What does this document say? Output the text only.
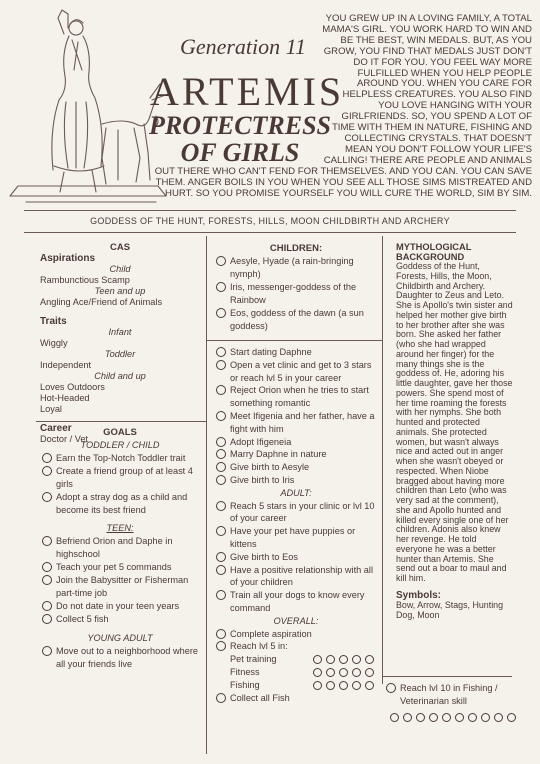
Generation 11
ARTEMIS
PROTECTRESS
OF GIRLS
YOU GREW UP IN A LOVING FAMILY, A TOTAL MAMA'S GIRL. YOU WORK HARD TO WIN AND BE THE BEST, WIN MEDALS. BUT, AS YOU GROW, YOU FIND THAT MEDALS JUST DON'T DO IT FOR YOU. YOU FEEL WAY MORE FULFILLED WHEN YOU HELP PEOPLE AROUND YOU. WHEN YOU CARE FOR HELPLESS CREATURES. YOU ALSO FIND YOU LOVE HANGING WITH YOUR GIRLFRIENDS. SO, YOU SPEND A LOT OF TIME WITH THEM IN NATURE, FISHING AND COLLECTING CRYSTALS. THAT DOESN'T MEAN YOU DON'T FOLLOW YOUR LIFE'S CALLING! THERE ARE PEOPLE AND ANIMALS OUT THERE WHO CAN'T FEND FOR THEMSELVES. AND YOU CAN. YOU CAN SAVE THEM. ANGER BOILS IN YOU WHEN YOU SEE ALL THOSE SIMS MISTREATED AND HURT. SO YOU PROMISE YOURSELF YOU WILL CURE THE WORLD, SIM BY SIM.
GODDESS OF THE HUNT, FORESTS, HILLS, MOON CHILDBIRTH AND ARCHERY
CAS
Aspirations
Child
Rambunctious Scamp
Teen and up
Angling Ace/Friend of Animals
Traits
Infant
Wiggly
Toddler
Independent
Child and up
Loves Outdoors
Hot-Headed
Loyal
Career
Doctor / Vet
GOALS
TODDLER / CHILD
Earn the Top-Notch Toddler trait
Create a friend group of at least 4 girls
Adopt a stray dog as a child and become its best friend
TEEN:
Befriend Orion and Daphe in highschool
Teach your pet 5 commands
Join the Babysitter or Fisherman part-time job
Do not date in your teen years
Collect 5 fish
YOUNG ADULT
Move out to a neighborhood where all your friends live
CHILDREN:
Aesyle, Hyade (a rain-bringing nymph)
Iris, messenger-goddess of the Rainbow
Eos, goddess of the dawn (a sun goddess)
Start dating Daphne
Open a vet clinic and get to 3 stars or reach lvl 5 in your career
Reject Orion when he tries to start something romantic
Meet Ifigenia and her father, have a fight with him
Adopt Ifigeneia
Marry Daphne in nature
Give birth to Aesyle
Give birth to Iris
ADULT:
Reach 5 stars in your clinic or lvl 10 of your career
Have your pet have puppies or kittens
Give birth to Eos
Have a positive relationship with all of your children
Train all your dogs to know every command
OVERALL:
Complete aspiration
Reach lvl 5 in:
Pet training
Fitness
Fishing
Collect all Fish
MYTHOLOGICAL BACKGROUND
Goddess of the Hunt, Forests, Hills, the Moon, Childbirth and Archery. Daughter to Zeus and Leto. She is Apollo's twin sister and helped her mother give birth to her brother after she was born. She asked her father (who she had wrapped around her finger) for the many things she is the goddess of. He, adoring his little daughter, gave her those powers. She spend most of her time roaming the forests with her nymphs. She both hunted and protected animals. She protected women, but wasn't always nice and acted out in anger when she wasn't obeyed or respected. When Niobe bragged about having more children than Leto (who was very sad at the comment), she and Apollo hunted and killed every single one of her children. Adonis also knew her revenge. He told everyone he was a better hunter than Artemis. She send out a boar to maul and kill him.
Symbols:
Bow, Arrow, Stags, Hunting Dog, Moon
Reach lvl 10 in Fishing / Veterinarian skill
